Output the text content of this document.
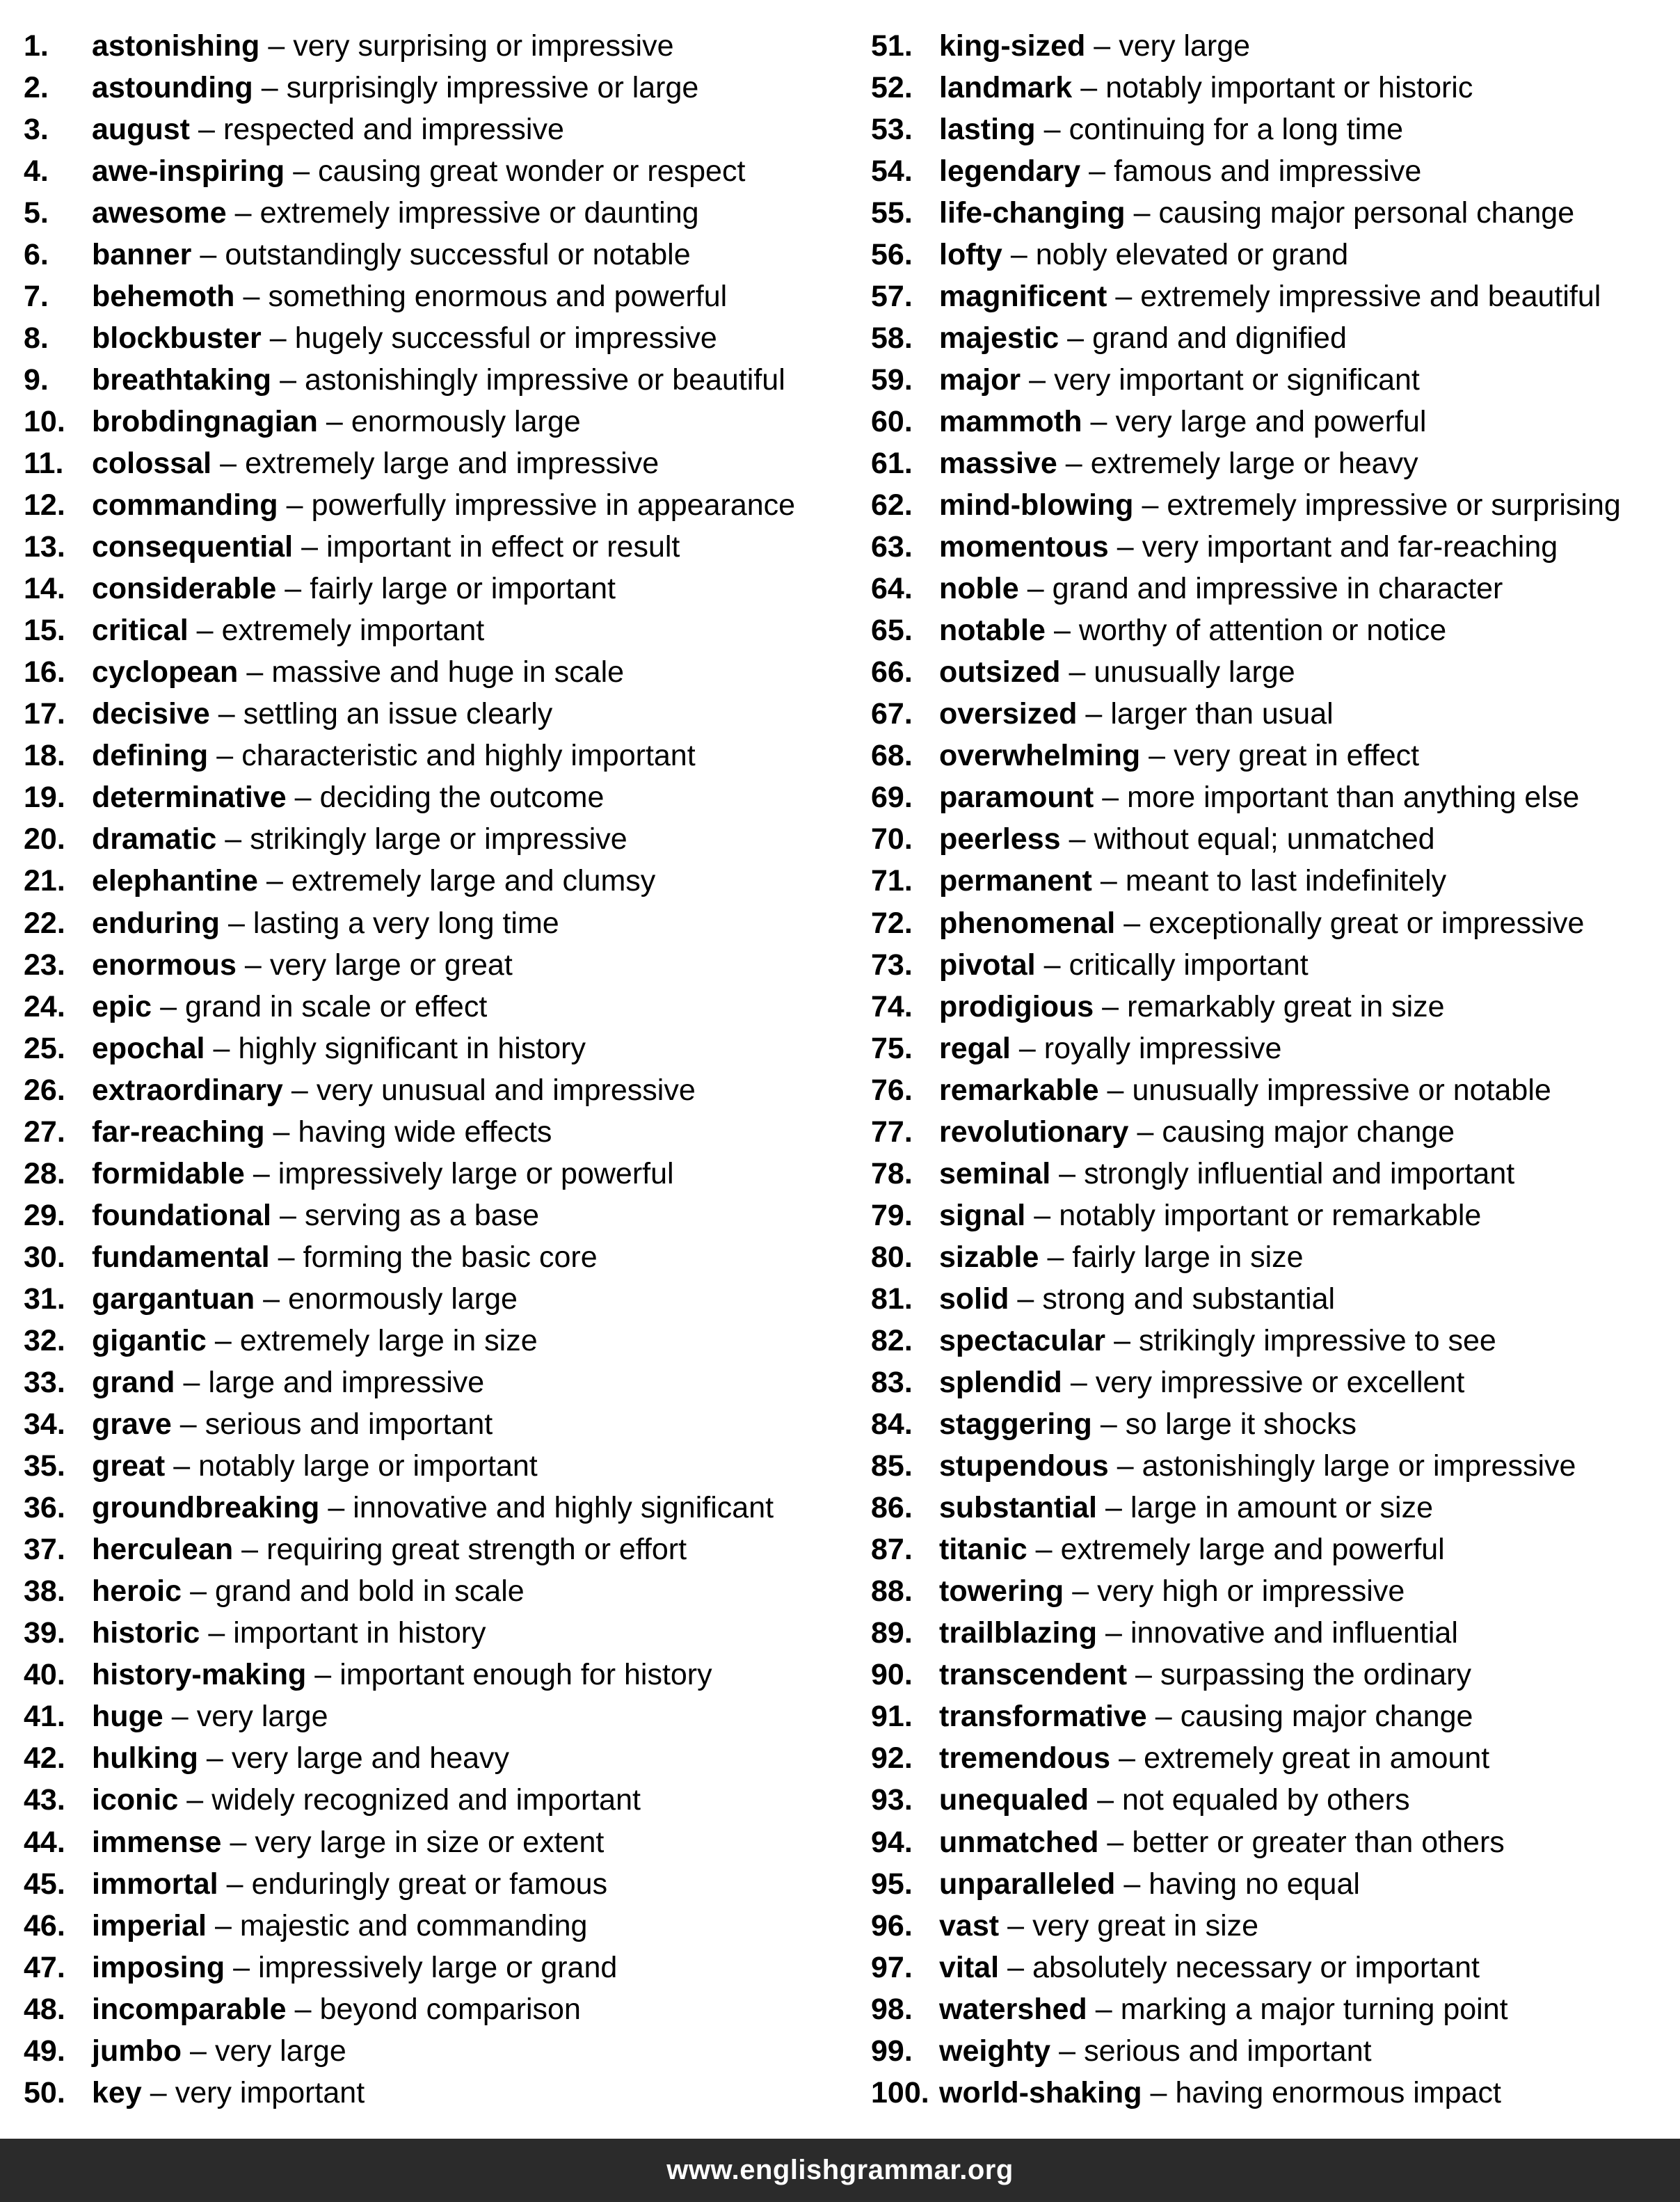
1.	astonishing – very surprising or impressive
2.	astounding – surprisingly impressive or large
3.	august – respected and impressive
4.	awe-inspiring – causing great wonder or respect
5.	awesome – extremely impressive or daunting
6.	banner – outstandingly successful or notable
7.	behemoth – something enormous and powerful
8.	blockbuster – hugely successful or impressive
9.	breathtaking – astonishingly impressive or beautiful
10. brobdingnagian – enormously large
11. colossal – extremely large and impressive
12. commanding – powerfully impressive in appearance
13. consequential – important in effect or result
14. considerable – fairly large or important
15. critical – extremely important
16. cyclopean – massive and huge in scale
17. decisive – settling an issue clearly
18. defining – characteristic and highly important
19. determinative – deciding the outcome
20. dramatic – strikingly large or impressive
21. elephantine – extremely large and clumsy
22. enduring – lasting a very long time
23. enormous – very large or great
24. epic – grand in scale or effect
25. epochal – highly significant in history
26. extraordinary – very unusual and impressive
27. far-reaching – having wide effects
28. formidable – impressively large or powerful
29. foundational – serving as a base
30. fundamental – forming the basic core
31. gargantuan – enormously large
32. gigantic – extremely large in size
33. grand – large and impressive
34. grave – serious and important
35. great – notably large or important
36. groundbreaking – innovative and highly significant
37. herculean – requiring great strength or effort
38. heroic – grand and bold in scale
39. historic – important in history
40. history-making – important enough for history
41. huge – very large
42. hulking – very large and heavy
43. iconic – widely recognized and important
44. immense – very large in size or extent
45. immortal – enduringly great or famous
46. imperial – majestic and commanding
47. imposing – impressively large or grand
48. incomparable – beyond comparison
49. jumbo – very large
50. key – very important
51. king-sized – very large
52. landmark – notably important or historic
53. lasting – continuing for a long time
54. legendary – famous and impressive
55. life-changing – causing major personal change
56. lofty – nobly elevated or grand
57. magnificent – extremely impressive and beautiful
58. majestic – grand and dignified
59. major – very important or significant
60. mammoth – very large and powerful
61. massive – extremely large or heavy
62. mind-blowing – extremely impressive or surprising
63. momentous – very important and far-reaching
64. noble – grand and impressive in character
65. notable – worthy of attention or notice
66. outsized – unusually large
67. oversized – larger than usual
68. overwhelming – very great in effect
69. paramount – more important than anything else
70. peerless – without equal; unmatched
71. permanent – meant to last indefinitely
72. phenomenal – exceptionally great or impressive
73. pivotal – critically important
74. prodigious – remarkably great in size
75. regal – royally impressive
76. remarkable – unusually impressive or notable
77. revolutionary – causing major change
78. seminal – strongly influential and important
79. signal – notably important or remarkable
80. sizable – fairly large in size
81. solid – strong and substantial
82. spectacular – strikingly impressive to see
83. splendid – very impressive or excellent
84. staggering – so large it shocks
85. stupendous – astonishingly large or impressive
86. substantial – large in amount or size
87. titanic – extremely large and powerful
88. towering – very high or impressive
89. trailblazing – innovative and influential
90. transcendent – surpassing the ordinary
91. transformative – causing major change
92. tremendous – extremely great in amount
93. unequaled – not equaled by others
94. unmatched – better or greater than others
95. unparalleled – having no equal
96. vast – very great in size
97. vital – absolutely necessary or important
98. watershed – marking a major turning point
99. weighty – serious and important
100. world-shaking – having enormous impact
www.englishgrammar.org
